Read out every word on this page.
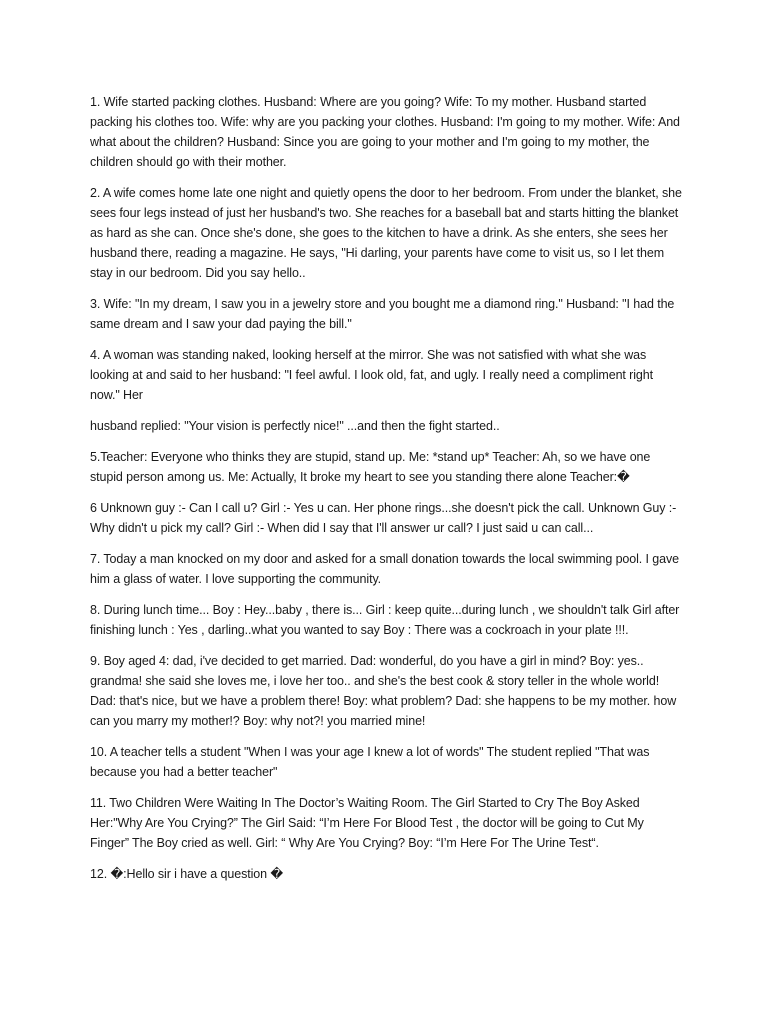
1. Wife started packing clothes. Husband: Where are you going? Wife: To my mother. Husband started packing his clothes too. Wife: why are you packing your clothes. Husband: I'm going to my mother. Wife: And what about the children? Husband: Since you are going to your mother and I'm going to my mother, the children should go with their mother.

2. A wife comes home late one night and quietly opens the door to her bedroom. From under the blanket, she sees four legs instead of just her husband's two. She reaches for a baseball bat and starts hitting the blanket as hard as she can. Once she's done, she goes to the kitchen to have a drink. As she enters, she sees her husband there, reading a magazine. He says, "Hi darling, your parents have come to visit us, so I let them stay in our bedroom. Did you say hello..

3. Wife: "In my dream, I saw you in a jewelry store and you bought me a diamond ring." Husband: "I had the same dream and I saw your dad paying the bill."

4. A woman was standing naked, looking herself at the mirror. She was not satisfied with what she was looking at and said to her husband: "I feel awful. I look old, fat, and ugly. I really need a compliment right now." Her

husband replied: "Your vision is perfectly nice!" ...and then the fight started..

5.Teacher: Everyone who thinks they are stupid, stand up. Me: *stand up* Teacher: Ah, so we have one stupid person among us. Me: Actually, It broke my heart to see you standing there alone Teacher:�

6 Unknown guy :- Can I call u? Girl :- Yes u can. Her phone rings...she doesn't pick the call. Unknown Guy :- Why didn't u pick my call? Girl :- When did I say that I'll answer ur call? I just said u can call...

7. Today a man knocked on my door and asked for a small donation towards the local swimming pool. I gave him a glass of water. I love supporting the community.

8. During lunch time... Boy : Hey...baby , there is... Girl : keep quite...during lunch , we shouldn't talk Girl after finishing lunch : Yes , darling..what you wanted to say Boy : There was a cockroach in your plate !!!.

9. Boy aged 4: dad, i've decided to get married. Dad: wonderful, do you have a girl in mind? Boy: yes.. grandma! she said she loves me, i love her too.. and she's the best cook & story teller in the whole world! Dad: that's nice, but we have a problem there! Boy: what problem? Dad: she happens to be my mother. how can you marry my mother!? Boy: why not?! you married mine!

10. A teacher tells a student "When I was your age I knew a lot of words" The student replied "That was because you had a better teacher"

11. Two Children Were Waiting In The Doctor’s Waiting Room. The Girl Started to Cry The Boy Asked Her:"Why Are You Crying?” The Girl Said: “I’m Here For Blood Test , the doctor will be going to Cut My Finger” The Boy cried as well. Girl: “ Why Are You Crying? Boy: “I’m Here For The Urine Test“.

12. �:Hello sir i have a question �
